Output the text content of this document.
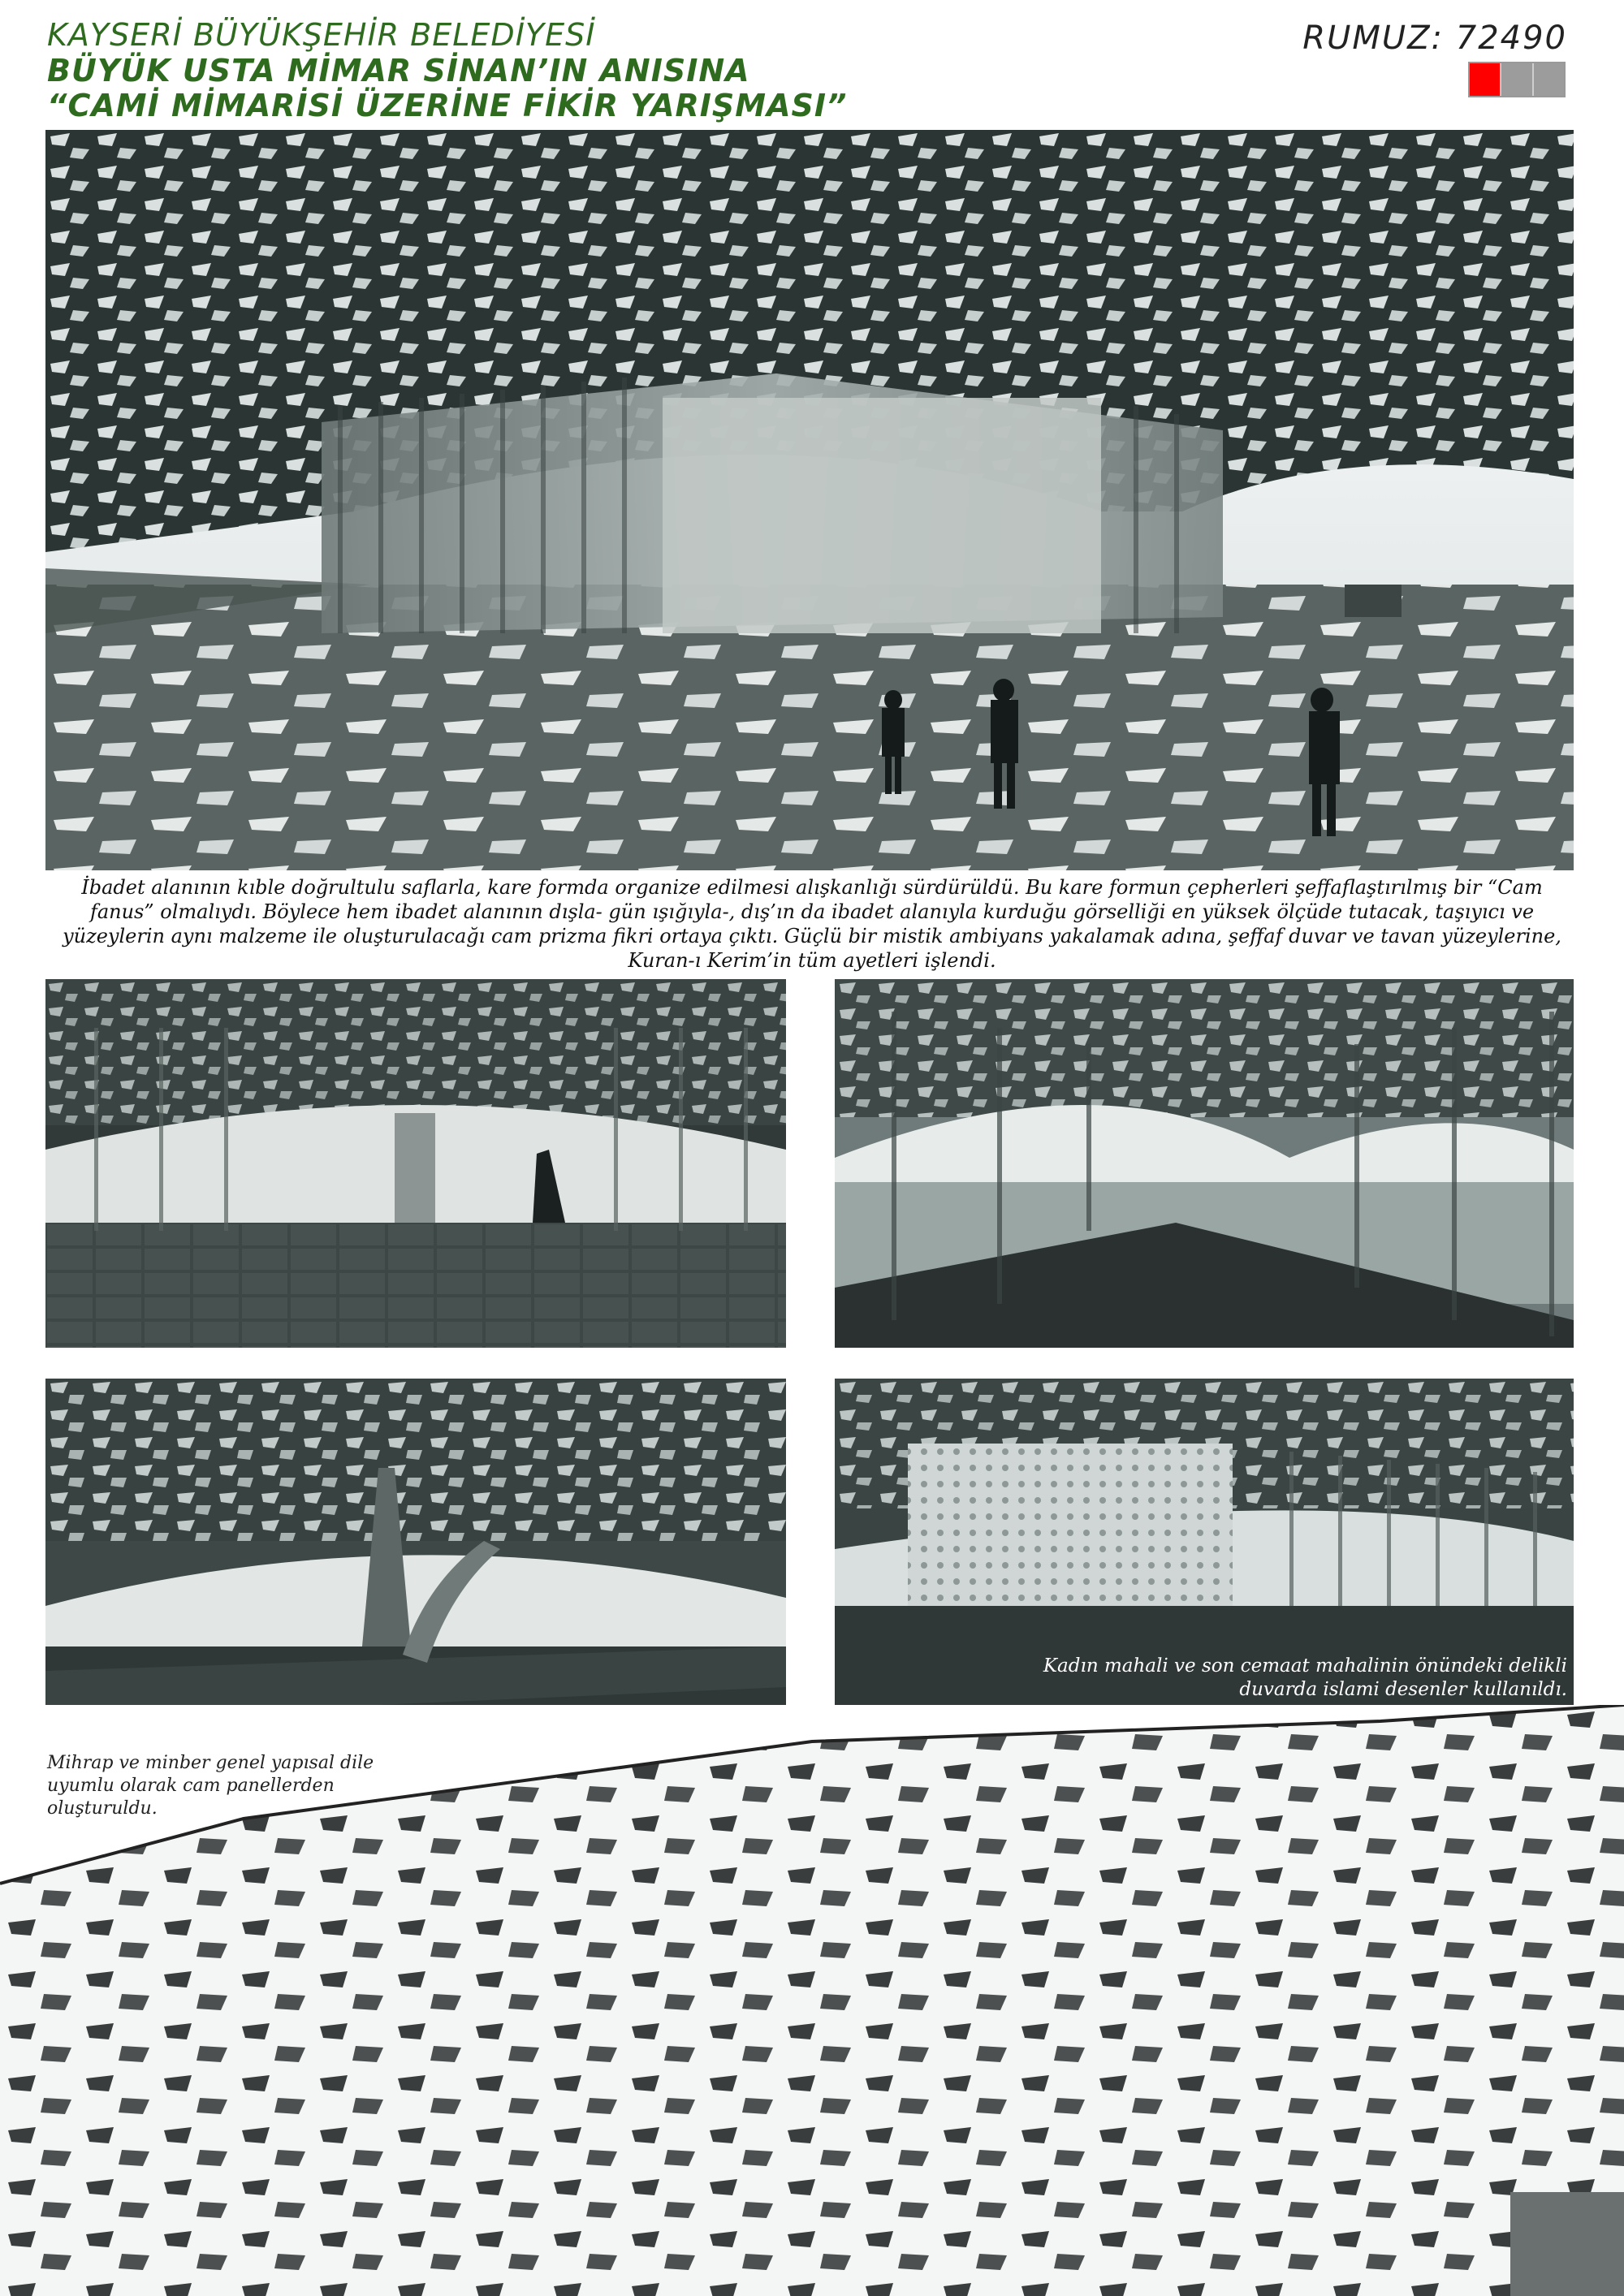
KAYSERİ BÜYÜKŞEHİR BELEDİYESİ
BÜYÜK USTA MİMAR SİNAN’IN ANISINA
“CAMİ MİMARİSİ ÜZERİNE FİKİR YARIŞMASI”
RUMUZ: 72490
İbadet alanının kıble doğrultulu saflarla, kare formda organize edilmesi alışkanlığı sürdürüldü. Bu kare formun çepherleri şeffaflaştırılmış bir “Cam fanus” olmalıydı. Böylece hem ibadet alanının dışla- gün ışığıyla-, dış’ın da ibadet alanıyla kurduğu görselliği en yüksek ölçüde tutacak, taşıyıcı ve yüzeylerin aynı malzeme ile oluşturulacağı cam prizma fikri ortaya çıktı. Güçlü bir mistik ambiyans yakalamak adına, şeffaf duvar ve tavan yüzeylerine, Kuran-ı Kerim’in tüm ayetleri işlendi.
Kadın mahali ve son cemaat mahalinin önündeki delikli duvarda islami desenler kullanıldı.
Mihrap ve minber genel yapısal dile uyumlu olarak cam panellerden oluşturuldu.
